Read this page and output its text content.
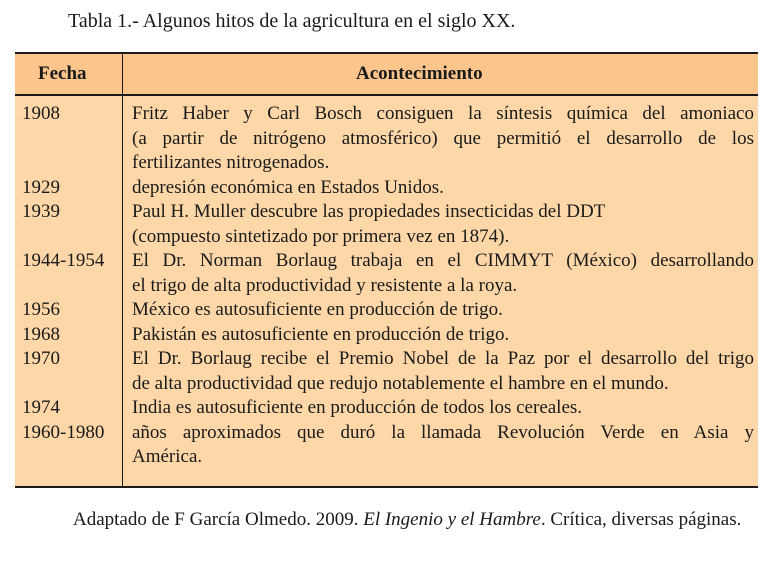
Tabla 1.- Algunos hitos de la agricultura en el siglo XX.
Fecha	Acontecimiento
1908	Fritz Haber y Carl Bosch consiguen la síntesis química del amoniaco
(a partir de nitrógeno atmosférico) que permitió el desarrollo de los
fertilizantes nitrogenados.
1929	depresión económica en Estados Unidos.
1939	Paul H. Muller descubre las propiedades insecticidas del DDT
(compuesto sintetizado por primera vez en 1874).
1944-1954	El Dr. Norman Borlaug trabaja en el CIMMYT (México) desarrollando
el trigo de alta productividad y resistente a la roya.
1956	México es autosuficiente en producción de trigo.
1968	Pakistán es autosuficiente en producción de trigo.
1970	El Dr. Borlaug recibe el Premio Nobel de la Paz por el desarrollo del trigo
de alta productividad que redujo notablemente el hambre en el mundo.
1974	India es autosuficiente en producción de todos los cereales.
1960-1980	años aproximados que duró la llamada Revolución Verde en Asia y
América.
Adaptado de F García Olmedo. 2009. El Ingenio y el Hambre. Crítica, diversas páginas.
